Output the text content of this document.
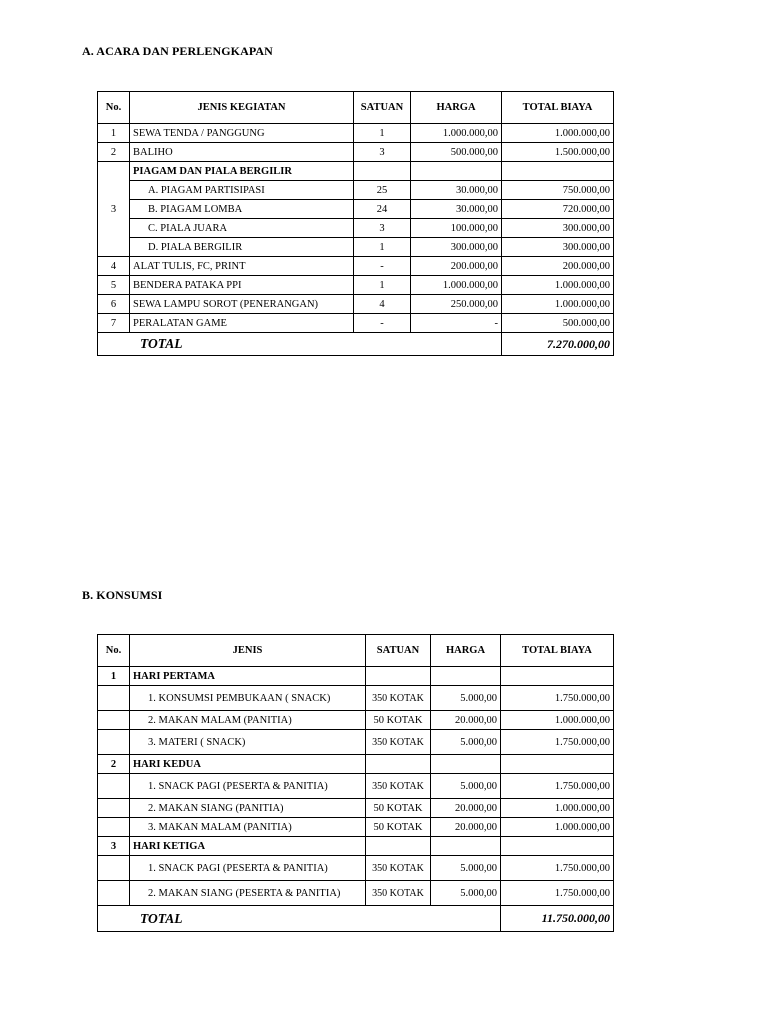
A. ACARA DAN PERLENGKAPAN
No.	JENIS KEGIATAN	SATUAN	HARGA	TOTAL BIAYA
1	SEWA TENDA / PANGGUNG	1	1.000.000,00	1.000.000,00
2	BALIHO	3	500.000,00	1.500.000,00
3	PIAGAM DAN PIALA BERGILIR			
	A. PIAGAM PARTISIPASI	25	30.000,00	750.000,00
	B. PIAGAM LOMBA	24	30.000,00	720.000,00
	C. PIALA JUARA	3	100.000,00	300.000,00
	D. PIALA BERGILIR	1	300.000,00	300.000,00
4	ALAT TULIS, FC, PRINT	-	200.000,00	200.000,00
5	BENDERA PATAKA PPI	1	1.000.000,00	1.000.000,00
6	SEWA LAMPU SOROT (PENERANGAN)	4	250.000,00	1.000.000,00
7	PERALATAN GAME	-	-	500.000,00
TOTAL				7.270.000,00
B. KONSUMSI
No.	JENIS	SATUAN	HARGA	TOTAL BIAYA
1	HARI PERTAMA			
	1. KONSUMSI PEMBUKAAN ( SNACK)	350 KOTAK	5.000,00	1.750.000,00
	2. MAKAN MALAM (PANITIA)	50 KOTAK	20.000,00	1.000.000,00
	3. MATERI ( SNACK)	350 KOTAK	5.000,00	1.750.000,00
2	HARI KEDUA			
	1. SNACK PAGI (PESERTA & PANITIA)	350 KOTAK	5.000,00	1.750.000,00
	2. MAKAN SIANG (PANITIA)	50 KOTAK	20.000,00	1.000.000,00
	3. MAKAN MALAM (PANITIA)	50 KOTAK	20.000,00	1.000.000,00
3	HARI KETIGA			
	1. SNACK PAGI (PESERTA & PANITIA)	350 KOTAK	5.000,00	1.750.000,00
	2. MAKAN SIANG (PESERTA & PANITIA)	350 KOTAK	5.000,00	1.750.000,00
TOTAL				11.750.000,00
